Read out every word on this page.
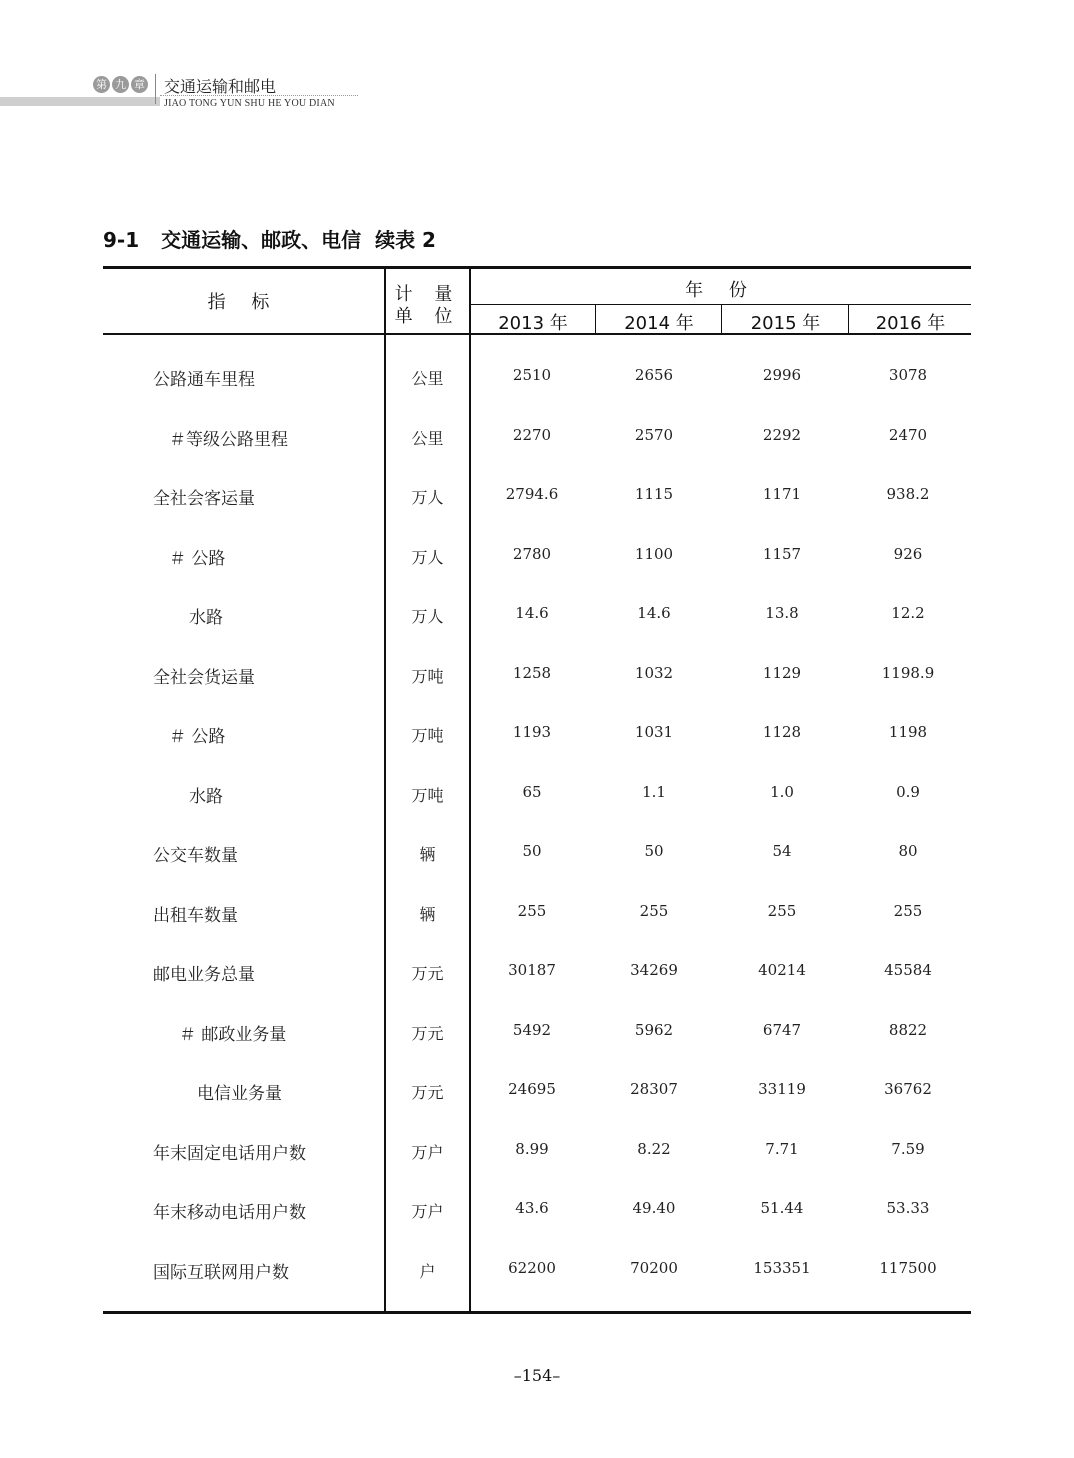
第 九 章 交通运输和邮电
JIAO TONG YUN SHU HE YOU DIAN
9-1 交通运输、邮政、电信  续表 2
指 标	计 量
单 位
年 份
2013 年	2014 年	2015 年	2016 年
公路通车里程	公里	2510	2656	2996	3078
＃等级公路里程	公里	2270	2570	2292	2470
全社会客运量	万人	2794.6	1115	1171	938.2
＃ 公路	万人	2780	1100	1157	926
水路	万人	14.6	14.6	13.8	12.2
全社会货运量	万吨	1258	1032	1129	1198.9
＃ 公路	万吨	1193	1031	1128	1198
水路	万吨	65	1.1	1.0	0.9
公交车数量	辆	50	50	54	80
出租车数量	辆	255	255	255	255
邮电业务总量	万元	30187	34269	40214	45584
＃ 邮政业务量	万元	5492	5962	6747	8822
电信业务量	万元	24695	28307	33119	36762
年末固定电话用户数	万户	8.99	8.22	7.71	7.59
年末移动电话用户数	万户	43.6	49.40	51.44	53.33
国际互联网用户数	户	62200	70200	153351	117500
–154–
